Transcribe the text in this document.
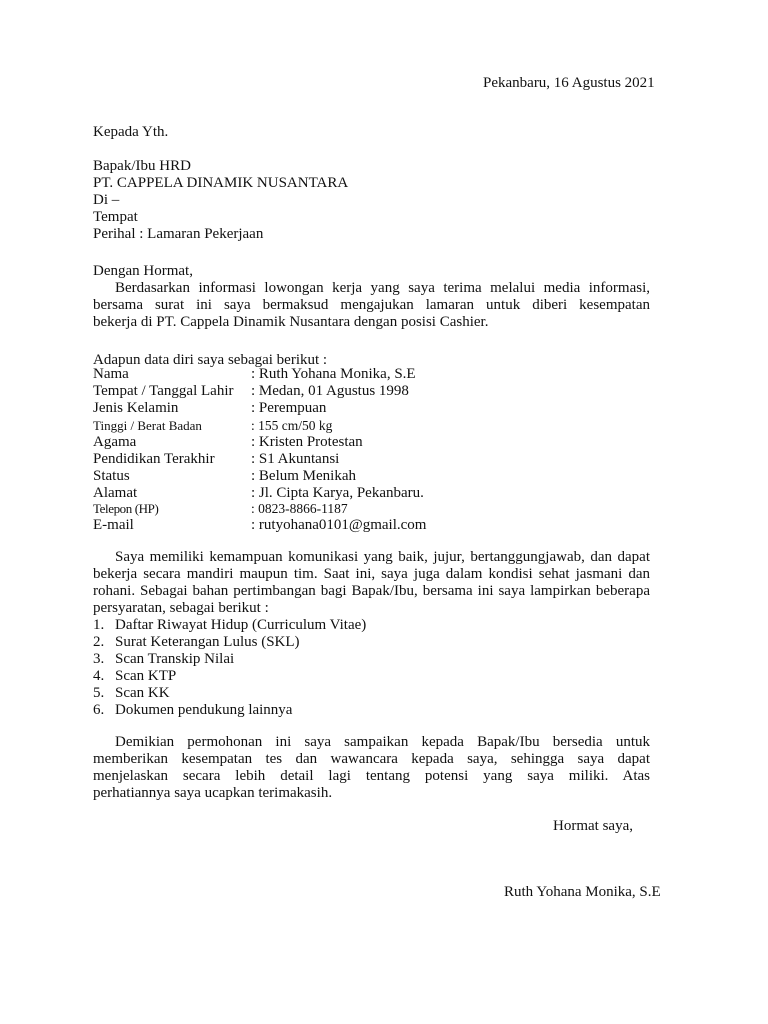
Pekanbaru, 16 Agustus 2021
Kepada Yth.
Bapak/Ibu HRD
PT. CAPPELA DINAMIK NUSANTARA
Di –
Tempat
Perihal : Lamaran Pekerjaan
Dengan Hormat,
Berdasarkan informasi lowongan kerja yang saya terima melalui media informasi,
bersama surat ini saya bermaksud mengajukan lamaran untuk diberi kesempatan
bekerja di PT. Cappela Dinamik Nusantara dengan posisi Cashier.
Adapun data diri saya sebagai berikut :
Nama	: Ruth Yohana Monika, S.E
Tempat / Tanggal Lahir : Medan, 01 Agustus 1998
Jenis Kelamin	: Perempuan
Tinggi / Berat Badan	: 155 cm/50 kg
Agama	: Kristen Protestan
Pendidikan Terakhir : S1 Akuntansi
Status	: Belum Menikah
Alamat	: Jl. Cipta Karya, Pekanbaru.
Telepon (HP)	: 0823-8866-1187
E-mail	: rutyohana0101@gmail.com
Saya memiliki kemampuan komunikasi yang baik, jujur, bertanggungjawab, dan dapat
bekerja secara mandiri maupun tim. Saat ini, saya juga dalam kondisi sehat jasmani dan
rohani. Sebagai bahan pertimbangan bagi Bapak/Ibu, bersama ini saya lampirkan beberapa
persyaratan, sebagai berikut :
1. Daftar Riwayat Hidup (Curriculum Vitae)
2. Surat Keterangan Lulus (SKL)
3. Scan Transkip Nilai
4. Scan KTP
5. Scan KK
6. Dokumen pendukung lainnya
Demikian permohonan ini saya sampaikan kepada Bapak/Ibu bersedia untuk
memberikan kesempatan tes dan wawancara kepada saya, sehingga saya dapat
menjelaskan secara lebih detail lagi tentang potensi yang saya miliki. Atas
perhatiannya saya ucapkan terimakasih.
Hormat saya,
Ruth Yohana Monika, S.E
